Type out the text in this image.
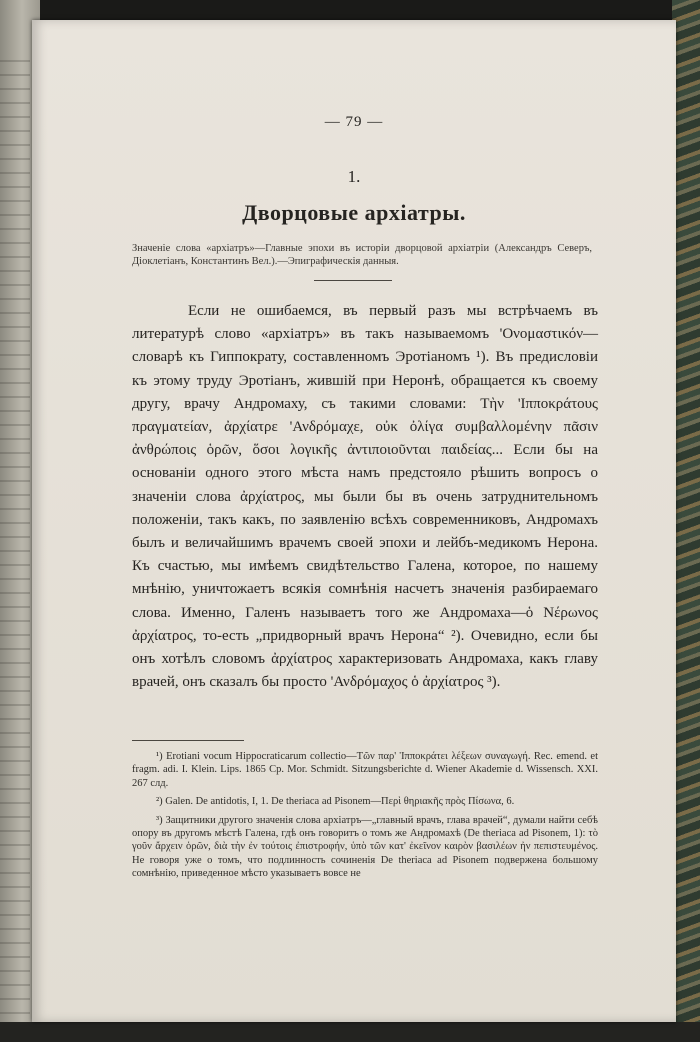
— 79 —
1.
Дворцовые архіатры.
Значеніе слова «архіатръ»—Главные эпохи въ исторіи дворцовой архіатріи (Александръ Северъ, Діоклетіанъ, Константинъ Вел.).—Эпиграфическія данныя.

Если не ошибаемся, въ первый разъ мы встрѣчаемъ въ литературѣ слово «архіатръ» въ такъ называемомъ 'Ονομαστικόν—словарѣ къ Гиппократу, составленномъ Эротіаномъ ¹). Въ предисловіи къ этому труду Эротіанъ, жившій при Неронѣ, обращается къ своему другу, врачу Андромаху, съ такими словами: Τὴν 'Ιπποκράτους πραγματείαν, ἀρχίατρε 'Ανδρόμαχε, οὐκ ὀλίγα συμβαλλομένην πᾶσιν ἀνθρώποις ὁρῶν, ὅσοι λογικῆς ἀντιποιοῦνται παιδείας... Если бы на основаніи одного этого мѣста намъ предстояло рѣшить вопросъ о значеніи слова ἀρχίατρος, мы были бы въ очень затруднительномъ положеніи, такъ какъ, по заявленію всѣхъ современниковъ, Андромахъ былъ и величайшимъ врачемъ своей эпохи и лейбъ-медикомъ Нерона. Къ счастью, мы имѣемъ свидѣтельство Галена, которое, по нашему мнѣнію, уничтожаетъ всякія сомнѣнія насчетъ значенія разбираемаго слова. Именно, Галенъ называетъ того же Андромаха—ὁ Νέρωνος ἀρχίατρος, то-есть „придворный врачъ Нерона“ ²). Очевидно, если бы онъ хотѣлъ словомъ ἀρχίατρος характеризовать Андромаха, какъ главу врачей, онъ сказалъ бы просто 'Ανδρόμαχος ὁ ἀρχίατρος ³).

¹) Erotiani vocum Hippocraticarum collectio—Τῶν παρ' Ἱπποκράτει λέξεων συναγωγή. Rec. emend. et fragm. adi. I. Klein. Lips. 1865 Cp. Mor. Schmidt. Sitzungsberichte d. Wiener Akademie d. Wissensch. XXI. 267 слд.

²) Galen. De antidotis, I, 1. De theriaca ad Pisonem—Περὶ θηριακῆς πρὸς Πίσωνα, 6.

³) Защитники другого значенія слова архіатръ—„главный врачъ, глава врачей“, думали найти себѣ опору въ другомъ мѣстѣ Галена, гдѣ онъ говоритъ о томъ же Андромахѣ (De theriaca ad Pisonem, 1): τὸ γοῦν ἄρχειν ὁρῶν, διὰ τὴν ἐν τούτοις ἐπιστροφήν, ὑπὸ τῶν κατ' ἐκεῖνον καιρὸν βασιλέων ἠν πεπιστευμένος. Не говоря уже о томъ, что подлинность сочиненія De theriaca ad Pisonem подвержена большому сомнѣнію, приведенное мѣсто указываетъ вовсе не
